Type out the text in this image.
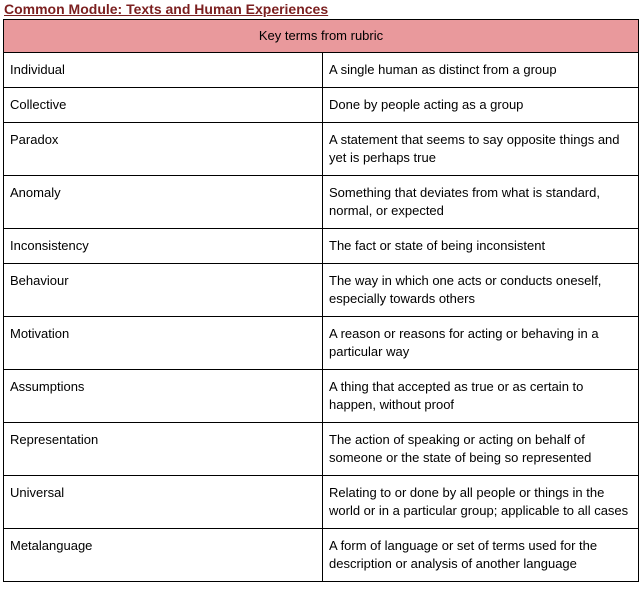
Common Module: Texts and Human Experiences
Key terms from rubric	
Individual	A single human as distinct from a group
Collective	Done by people acting as a group
Paradox	A statement that seems to say opposite things and yet is perhaps true
Anomaly	Something that deviates from what is standard, normal, or expected
Inconsistency	The fact or state of being inconsistent
Behaviour	The way in which one acts or conducts oneself, especially towards others
Motivation	A reason or reasons for acting or behaving in a particular way
Assumptions	A thing that accepted as true or as certain to happen, without proof
Representation	The action of speaking or acting on behalf of someone or the state of being so represented
Universal	Relating to or done by all people or things in the world or in a particular group; applicable to all cases
Metalanguage	A form of language or set of terms used for the description or analysis of another language
